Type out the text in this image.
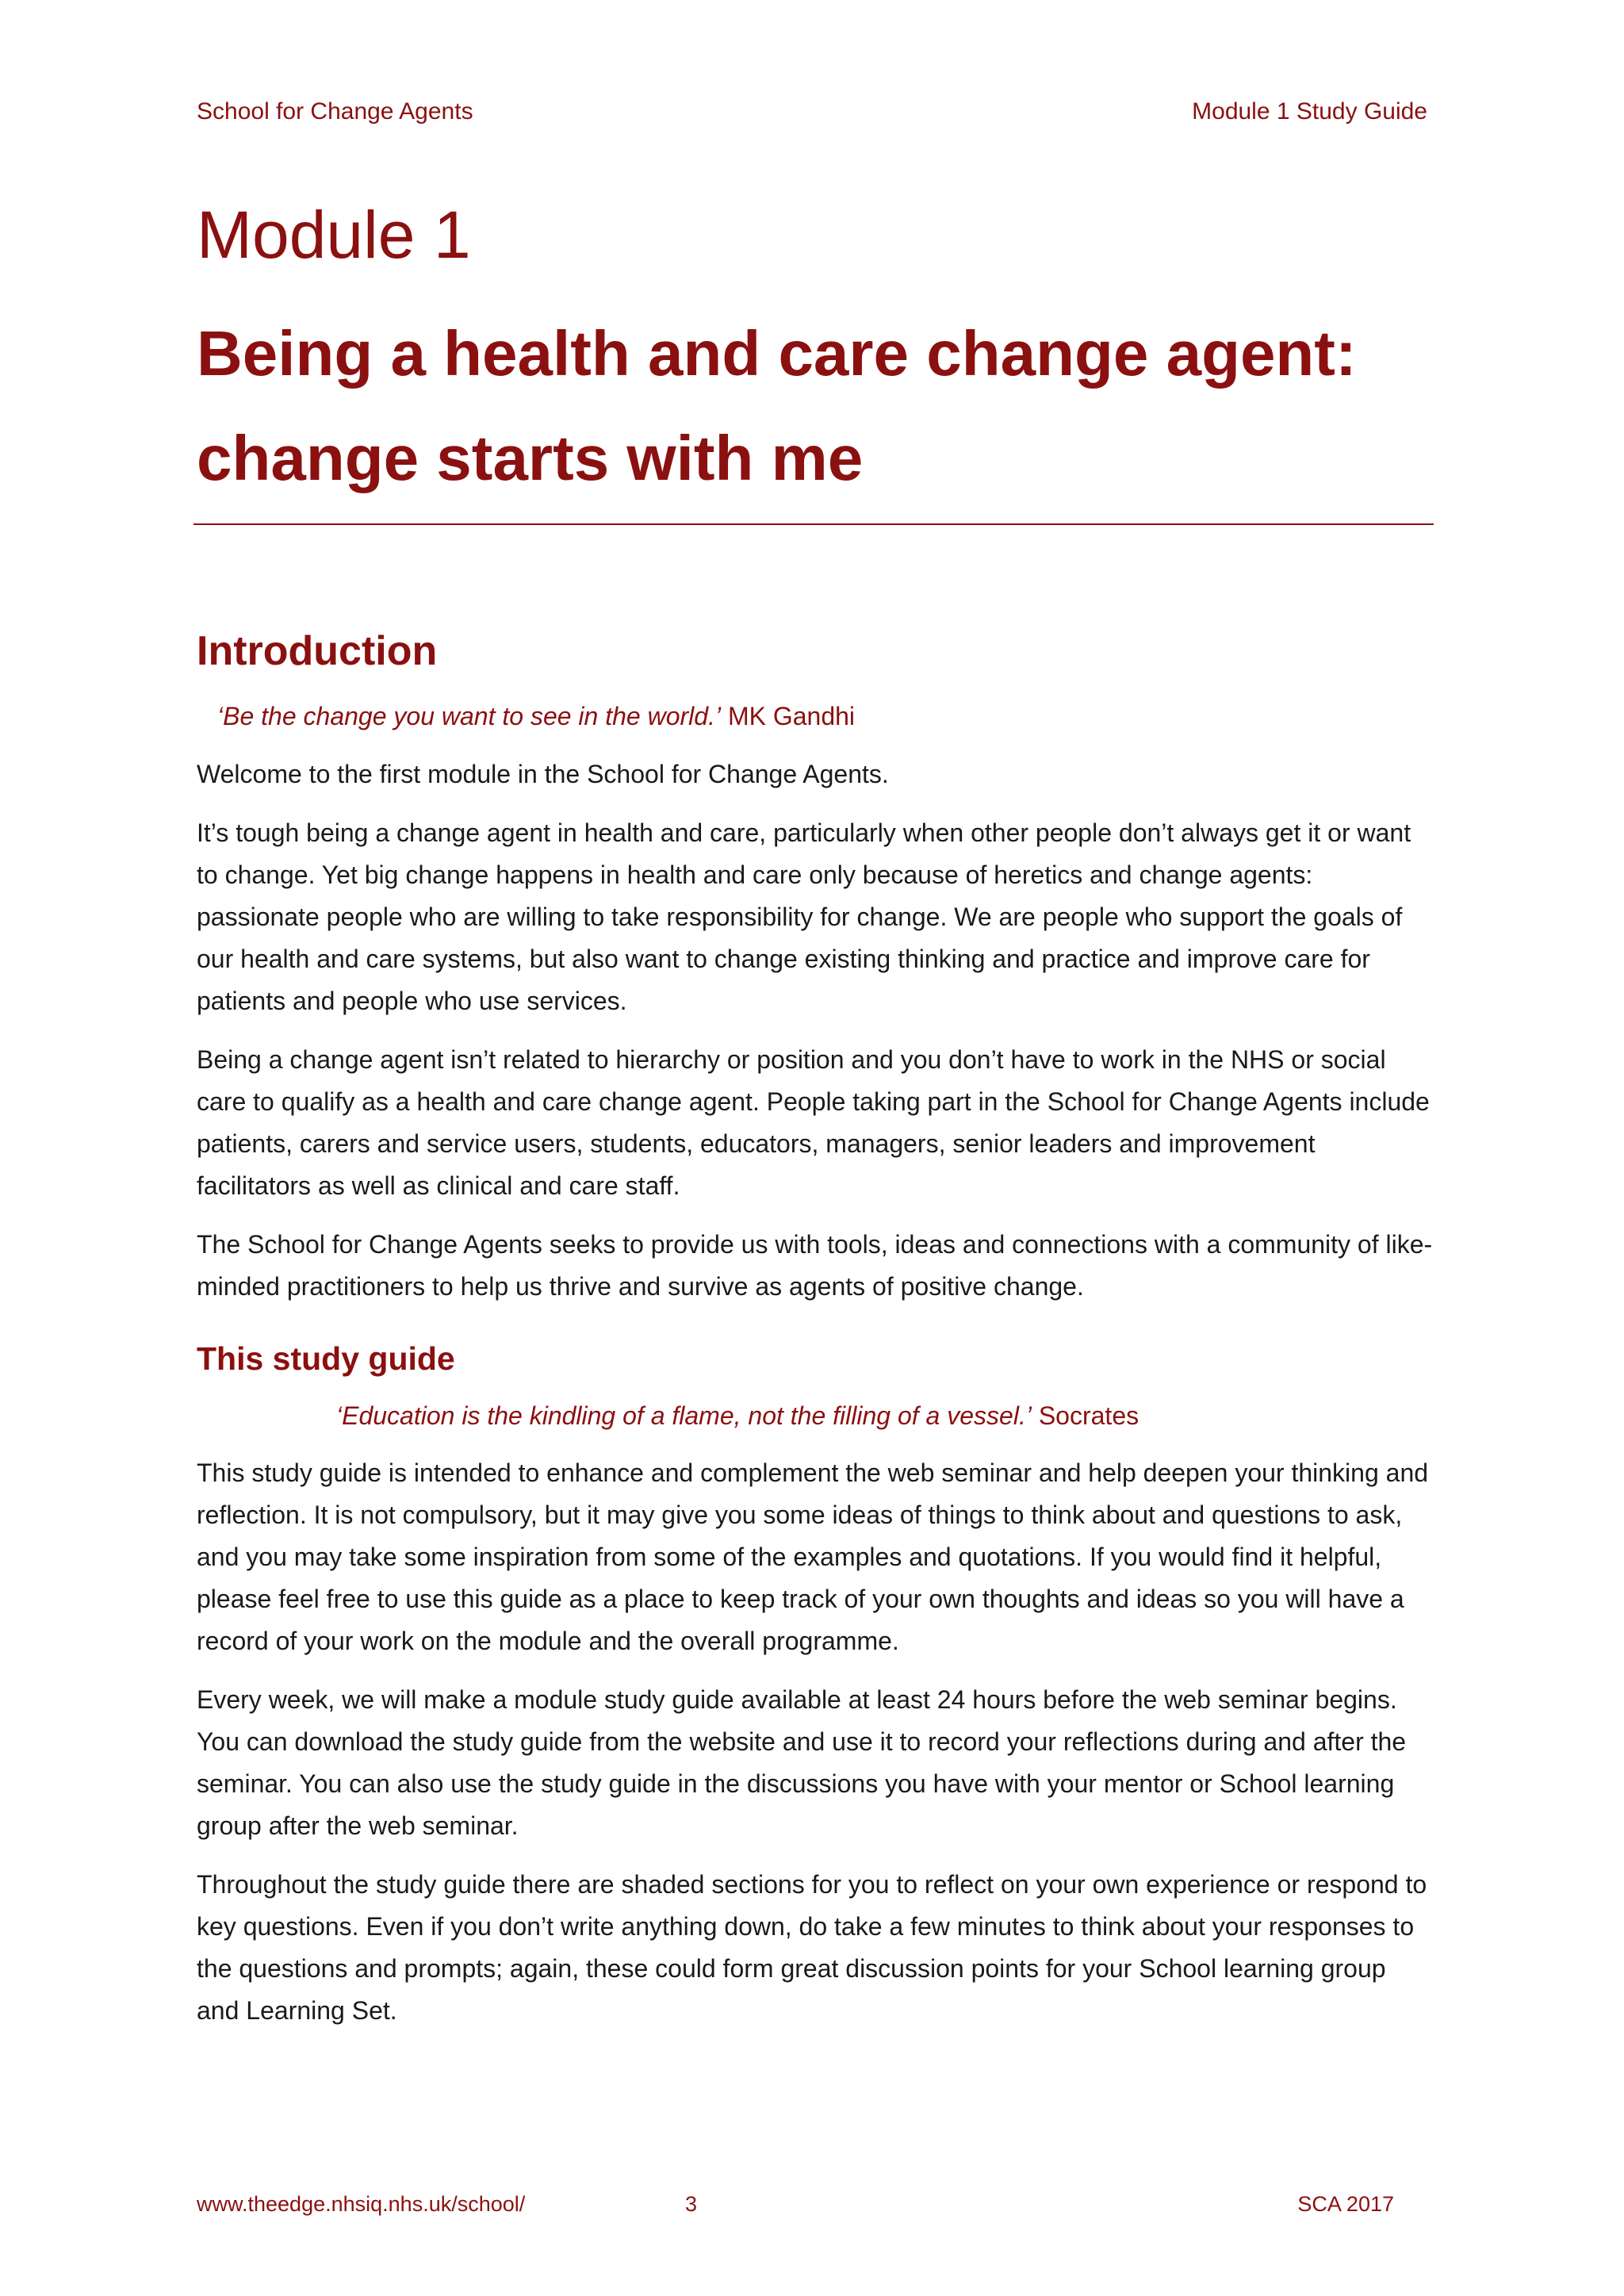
School for Change Agents	Module 1 Study Guide
Module 1
Being a health and care change agent:
change starts with me
Introduction
‘Be the change you want to see in the world.’ MK Gandhi

Welcome to the first module in the School for Change Agents.

It’s tough being a change agent in health and care, particularly when other people don’t always get it or want to change. Yet big change happens in health and care only because of heretics and change agents: passionate people who are willing to take responsibility for change. We are people who support the goals of our health and care systems, but also want to change existing thinking and practice and improve care for patients and people who use services.

Being a change agent isn’t related to hierarchy or position and you don’t have to work in the NHS or social care to qualify as a health and care change agent. People taking part in the School for Change Agents include patients, carers and service users, students, educators, managers, senior leaders and improvement facilitators as well as clinical and care staff.

The School for Change Agents seeks to provide us with tools, ideas and connections with a community of like-minded practitioners to help us thrive and survive as agents of positive change.

This study guide
‘Education is the kindling of a flame, not the filling of a vessel.’ Socrates

This study guide is intended to enhance and complement the web seminar and help deepen your thinking and reflection. It is not compulsory, but it may give you some ideas of things to think about and questions to ask, and you may take some inspiration from some of the examples and quotations. If you would find it helpful, please feel free to use this guide as a place to keep track of your own thoughts and ideas so you will have a record of your work on the module and the overall programme.

Every week, we will make a module study guide available at least 24 hours before the web seminar begins. You can download the study guide from the website and use it to record your reflections during and after the seminar. You can also use the study guide in the discussions you have with your mentor or School learning group after the web seminar.

Throughout the study guide there are shaded sections for you to reflect on your own experience or respond to key questions. Even if you don’t write anything down, do take a few minutes to think about your responses to the questions and prompts; again, these could form great discussion points for your School learning group and Learning Set.

www.theedge.nhsiq.nhs.uk/school/	3	SCA 2017
